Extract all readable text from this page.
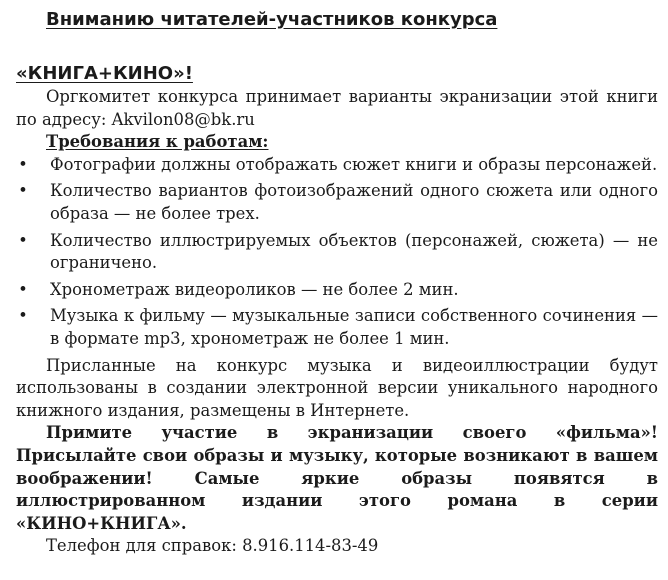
Вниманию читателей-участников конкурса

«КНИГА+КИНО»!

Оргкомитет конкурса принимает варианты экранизации этой книги по адресу: Akvilon08@bk.ru

Требования к работам:

• Фотографии должны отображать сюжет книги и образы персонажей.
• Количество вариантов фотоизображений одного сюжета или одного образа — не более трех.
• Количество иллюстрируемых объектов (персонажей, сюжета) — не ограничено.
• Хронометраж видеороликов — не более 2 мин.
• Музыка к фильму — музыкальные записи собственного сочинения — в формате mp3, хронометраж не более 1 мин.

Присланные на конкурс музыка и видеоиллюстрации будут использованы в создании электронной версии уникального народного книжного издания, размещены в Интернете.

Примите участие в экранизации своего «фильма»! Присылайте свои образы и музыку, которые возникают в вашем воображении! Самые яркие образы появятся в иллюстрированном издании этого романа в серии «КИНО+КНИГА».

Телефон для справок: 8.916.114-83-49
